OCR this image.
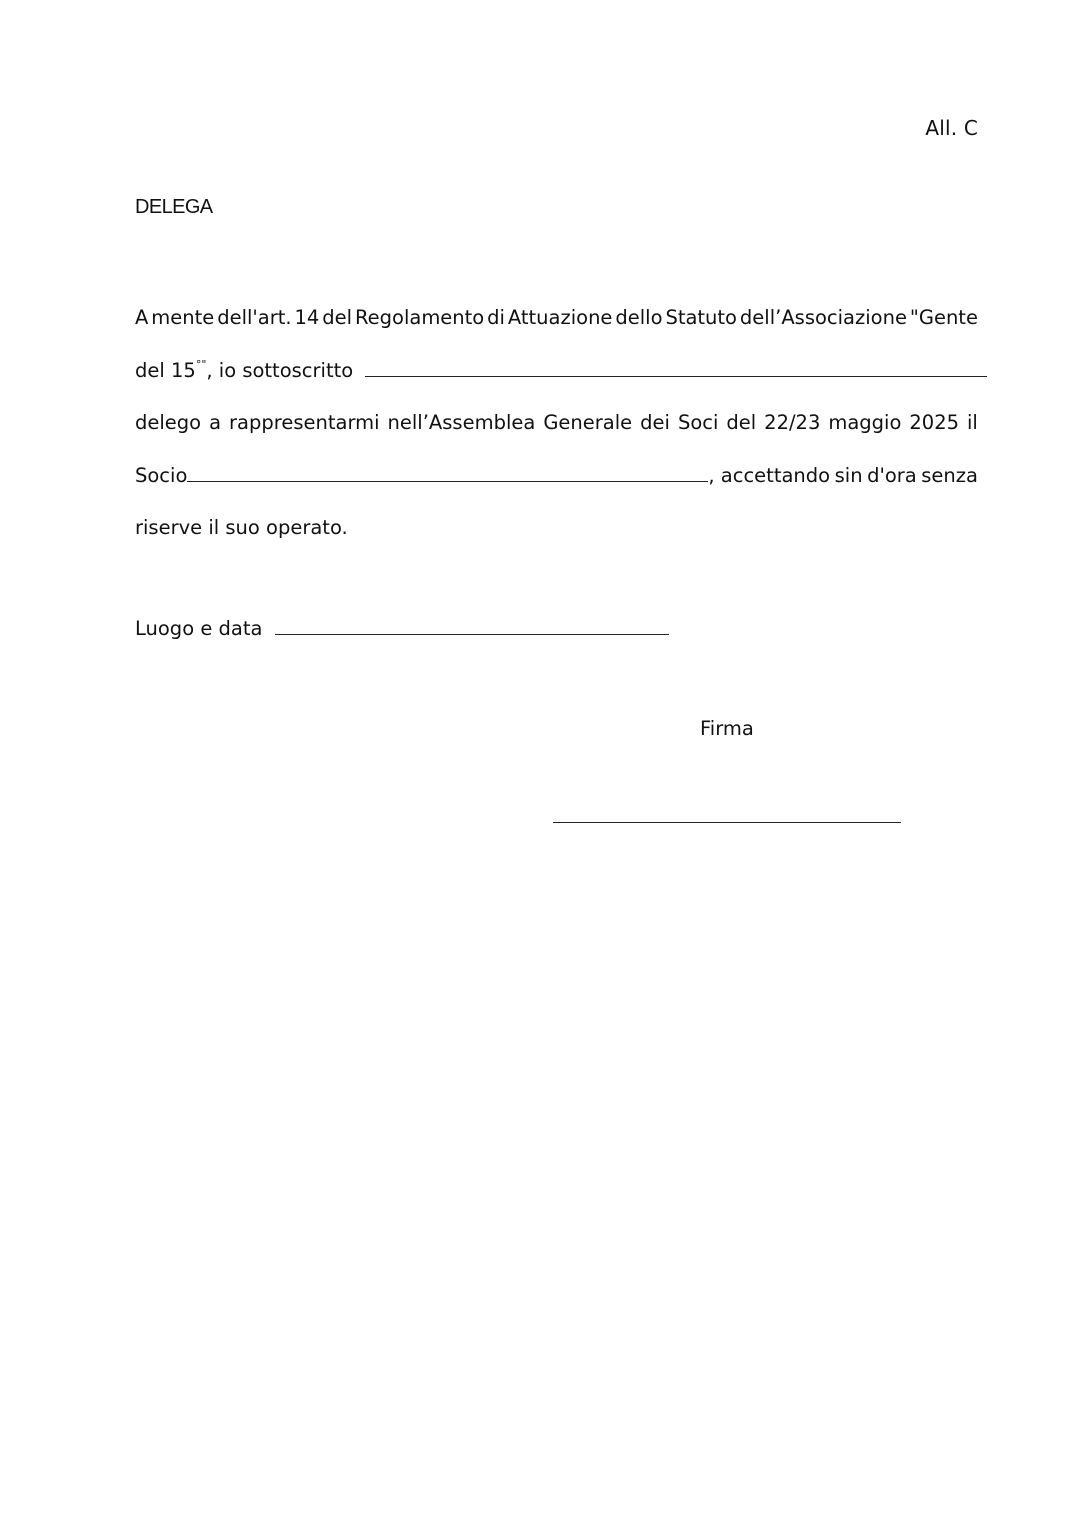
All. C
DELEGA
A mente dell'art. 14 del Regolamento di Attuazione dello Statuto dell’Associazione "Gente
del 15°", io sottoscritto
delego a rappresentarmi nell’Assemblea Generale dei Soci del 22/23 maggio 2025 il
Socio	, accettando sin d'ora senza
riserve il suo operato.
Luogo e data
Firma
